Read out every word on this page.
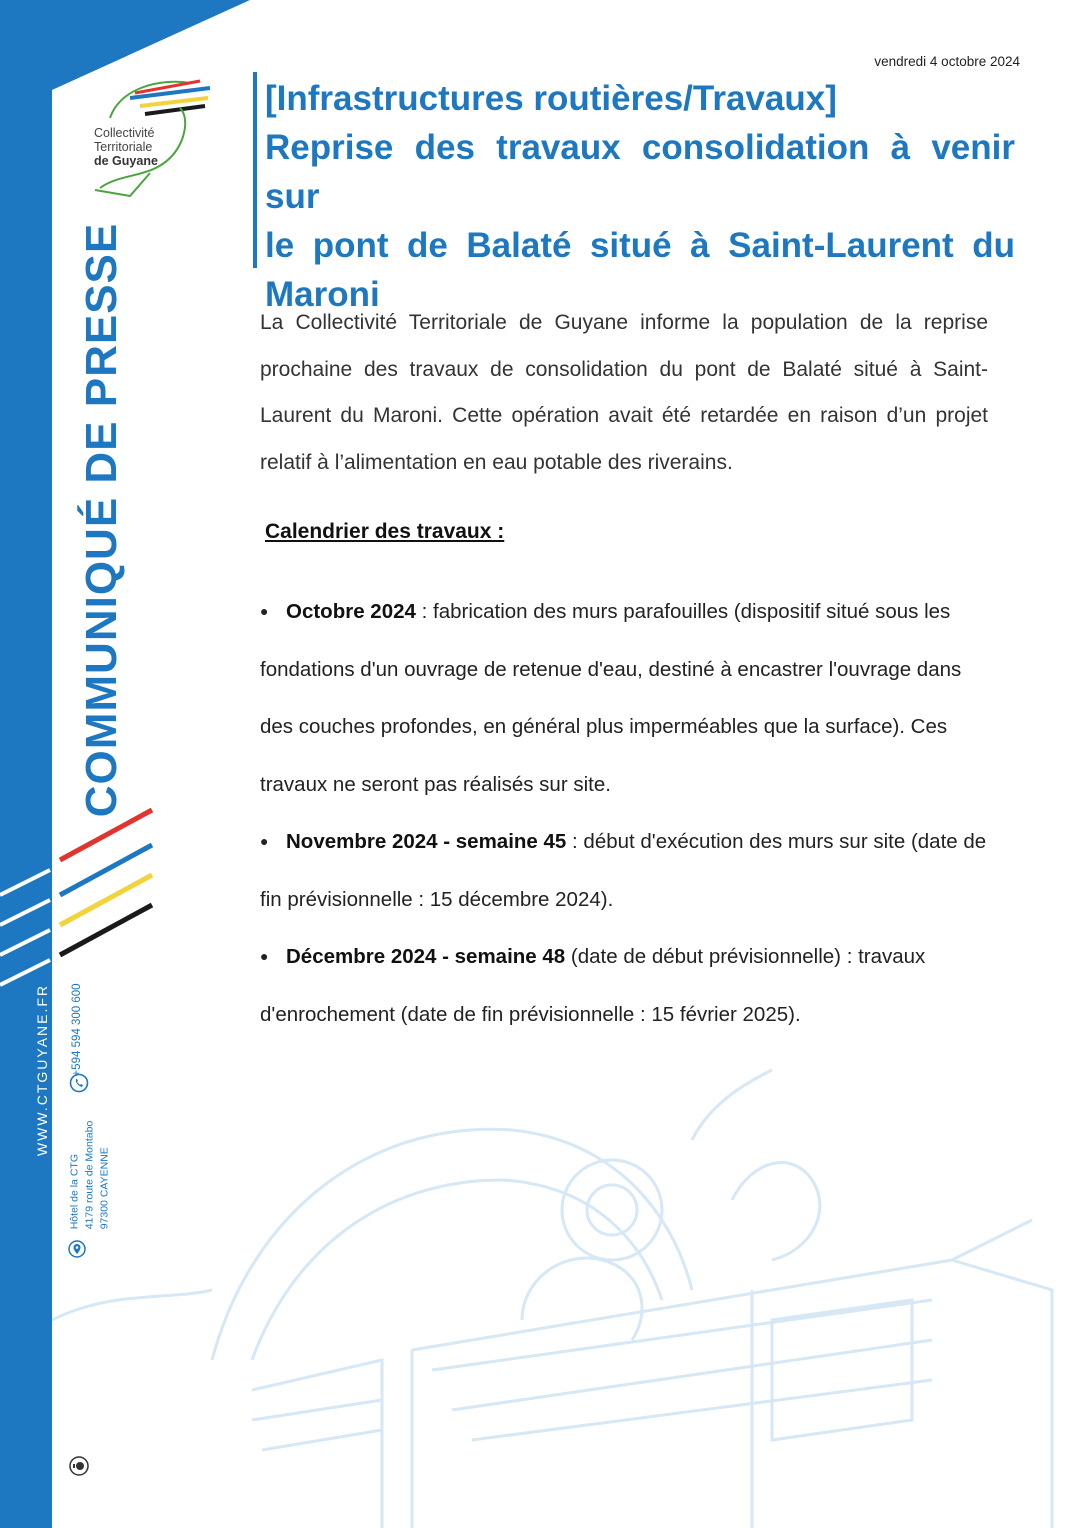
Collectivité
Territoriale
de Guyane
COMMUNIQUÉ DE PRESSE
WWW.CTGUYANE.FR +594 594 300 600
Hôtel de la CTG 4179 route de Montabo 97300 CAYENNE
vendredi 4 octobre 2024
[Infrastructures routières/Travaux]
Reprise des travaux consolidation à venir sur
le pont de Balaté situé à Saint-Laurent du
Maroni
La Collectivité Territoriale de Guyane informe la population de la reprise prochaine des travaux de consolidation du pont de Balaté situé à Saint-Laurent du Maroni. Cette opération avait été retardée en raison d’un projet relatif à l’alimentation en eau potable des riverains.
Calendrier des travaux :
● Octobre 2024 : fabrication des murs parafouilles (dispositif situé sous les fondations d'un ouvrage de retenue d'eau, destiné à encastrer l'ouvrage dans des couches profondes, en général plus imperméables que la surface). Ces travaux ne seront pas réalisés sur site.
● Novembre 2024 - semaine 45 : début d'exécution des murs sur site (date de fin prévisionnelle : 15 décembre 2024).
● Décembre 2024 - semaine 48 (date de début prévisionnelle) : travaux d'enrochement (date de fin prévisionnelle : 15 février 2025).
